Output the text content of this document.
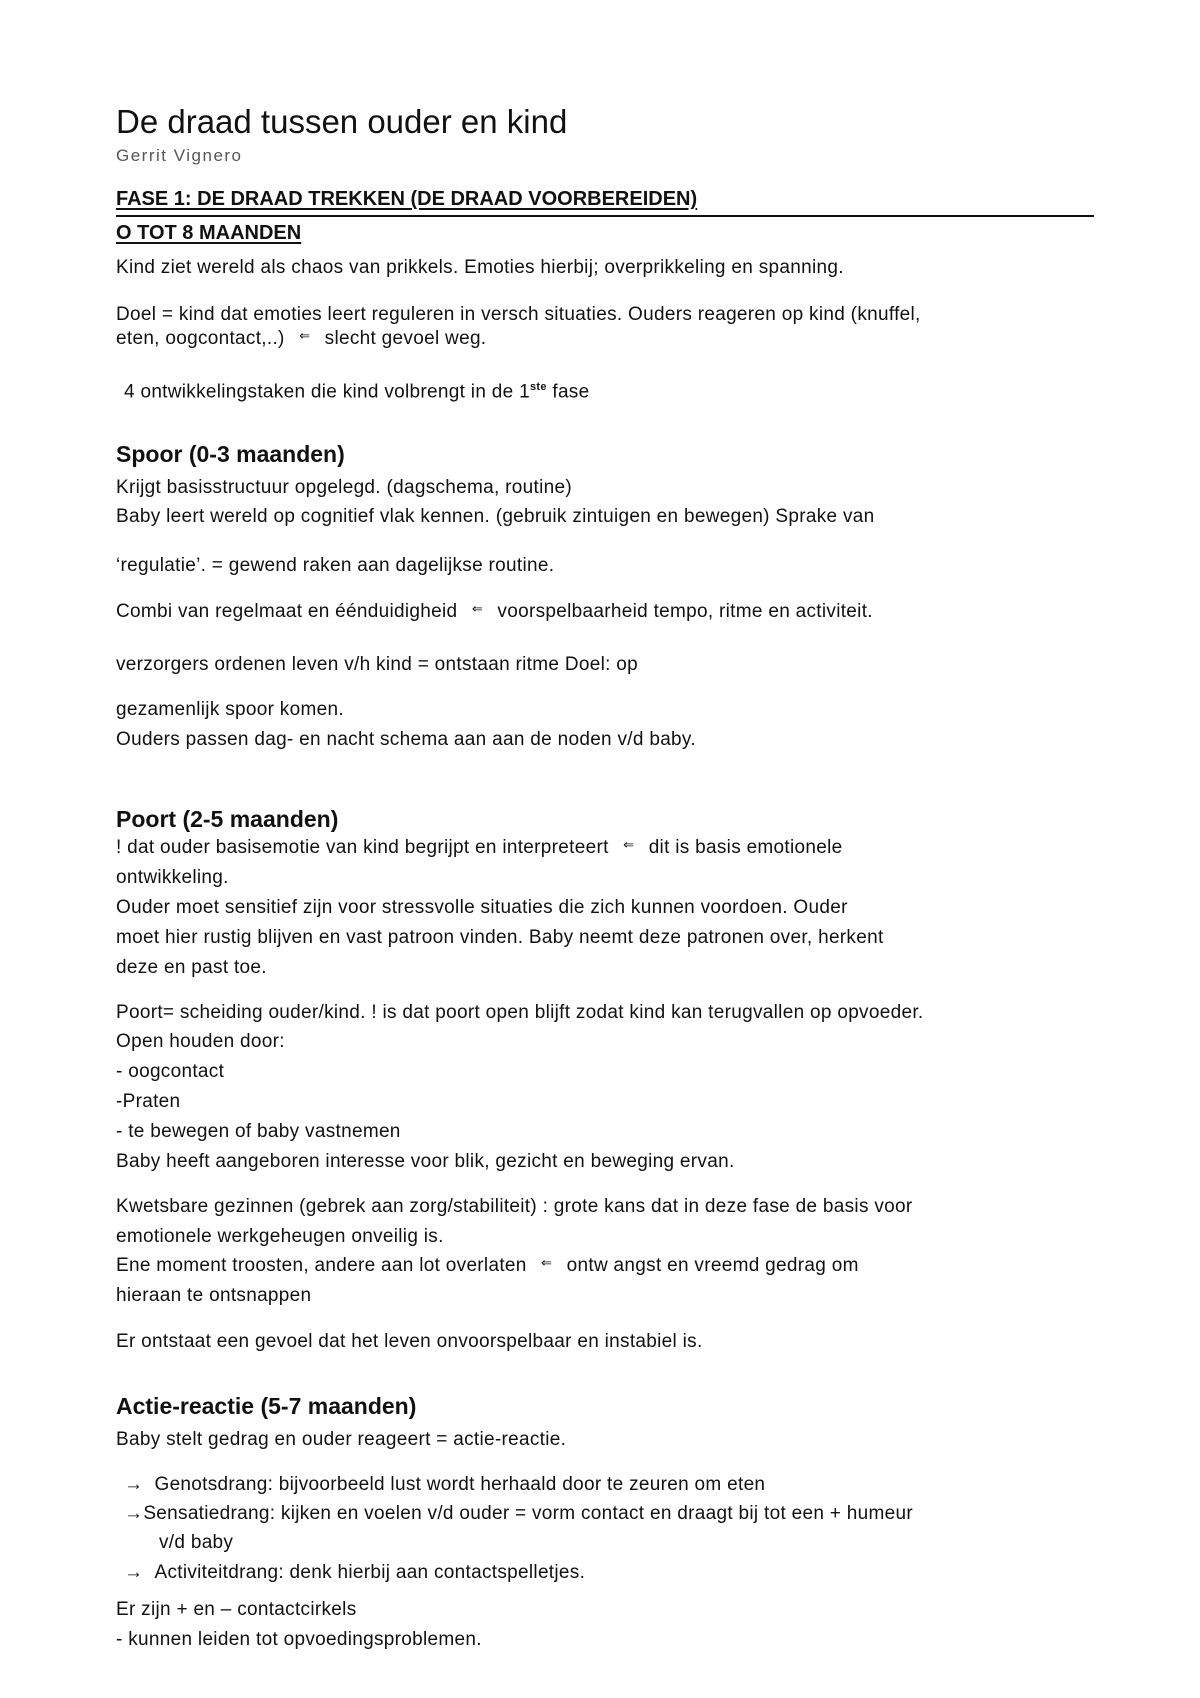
De draad tussen ouder en kind
Gerrit Vignero
FASE 1: DE DRAAD TREKKEN (DE DRAAD VOORBEREIDEN)
O TOT 8 MAANDEN
Kind ziet wereld als chaos van prikkels. Emoties hierbij; overprikkeling en spanning.
Doel = kind dat emoties leert reguleren in versch situaties. Ouders reageren op kind (knuffel,
eten, oogcontact,..) ⇐ slecht gevoel weg.
4 ontwikkelingstaken die kind volbrengt in de 1ste fase
Spoor (0-3 maanden)
Krijgt basisstructuur opgelegd. (dagschema, routine)
Baby leert wereld op cognitief vlak kennen. (gebruik zintuigen en bewegen) Sprake van
‘regulatie’. = gewend raken aan dagelijkse routine.
Combi van regelmaat en éénduidigheid ⇐ voorspelbaarheid tempo, ritme en activiteit.
verzorgers ordenen leven v/h kind = ontstaan ritme Doel: op
gezamenlijk spoor komen.
Ouders passen dag- en nacht schema aan aan de noden v/d baby.
Poort (2-5 maanden)
! dat ouder basisemotie van kind begrijpt en interpreteert ⇐ dit is basis emotionele
ontwikkeling.
Ouder moet sensitief zijn voor stressvolle situaties die zich kunnen voordoen. Ouder
moet hier rustig blijven en vast patroon vinden. Baby neemt deze patronen over, herkent
deze en past toe.
Poort= scheiding ouder/kind. ! is dat poort open blijft zodat kind kan terugvallen op opvoeder.
Open houden door:
- oogcontact
-Praten
- te bewegen of baby vastnemen
Baby heeft aangeboren interesse voor blik, gezicht en beweging ervan.
Kwetsbare gezinnen (gebrek aan zorg/stabiliteit) : grote kans dat in deze fase de basis voor
emotionele werkgeheugen onveilig is.
Ene moment troosten, andere aan lot overlaten ⇐ ontw angst en vreemd gedrag om
hieraan te ontsnappen
Er ontstaat een gevoel dat het leven onvoorspelbaar en instabiel is.
Actie-reactie (5-7 maanden)
Baby stelt gedrag en ouder reageert = actie-reactie.
→ Genotsdrang: bijvoorbeeld lust wordt herhaald door te zeuren om eten
→Sensatiedrang: kijken en voelen v/d ouder = vorm contact en draagt bij tot een + humeur
v/d baby
→ Activiteitdrang: denk hierbij aan contactspelletjes.
Er zijn + en – contactcirkels
- kunnen leiden tot opvoedingsproblemen.
